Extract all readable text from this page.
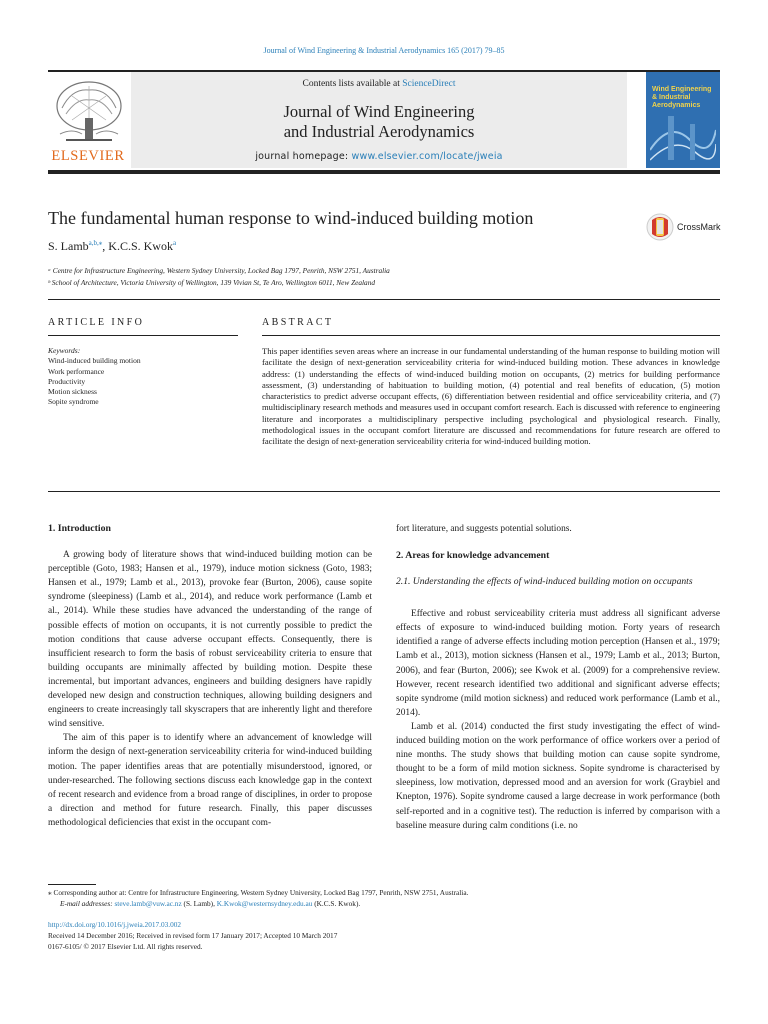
Journal of Wind Engineering & Industrial Aerodynamics 165 (2017) 79–85
ELSEVIER
Contents lists available at ScienceDirect
Journal of Wind Engineering
and Industrial Aerodynamics
journal homepage: www.elsevier.com/locate/jweia
Wind Engineering & Industrial Aerodynamics
The fundamental human response to wind-induced building motion
S. Lamb$^{a,b,⁎}$, K.C.S. Kwok$^a$
CrossMark
ᵃ Centre for Infrastructure Engineering, Western Sydney University, Locked Bag 1797, Penrith, NSW 2751, Australia
ᵇ School of Architecture, Victoria University of Wellington, 139 Vivian St, Te Aro, Wellington 6011, New Zealand
ARTICLE INFO	ABSTRACT
Keywords:
Wind-induced building motion
Work performance
Productivity
Motion sickness
Sopite syndrome
This paper identifies seven areas where an increase in our fundamental understanding of the human response to building motion will facilitate the design of next-generation serviceability criteria for wind-induced building motion. These advances in knowledge address: (1) understanding the effects of wind-induced building motion on occupants, (2) metrics for building performance assessment, (3) understanding of habituation to building motion, (4) potential and real benefits of education, (5) motion characteristics to predict adverse occupant effects, (6) differentiation between residential and office serviceability criteria, and (7) multidisciplinary research methods and measures used in occupant comfort research. Each is discussed with reference to engineering literature and incorporates a multidisciplinary perspective including psychological and physiological research. Finally, methodological issues in the occupant comfort literature are discussed and recommendations for future research are offered to facilitate the design of next-generation serviceability criteria for wind-induced building motion.
1. Introduction

A growing body of literature shows that wind-induced building motion can be perceptible (Goto, 1983; Hansen et al., 1979), induce motion sickness (Goto, 1983; Hansen et al., 1979; Lamb et al., 2013), provoke fear (Burton, 2006), cause sopite syndrome (sleepiness) (Lamb et al., 2014), and reduce work performance (Lamb et al., 2014). While these studies have advanced the understanding of the range of possible effects of motion on occupants, it is not currently possible to predict the motion conditions that cause adverse occupant effects. Consequently, there is insufficient research to form the basis of robust serviceability criteria to ensure that building occupants are minimally affected by building motion. Despite these incremental, but important advances, engineers and building designers have rapidly developed new design and construction techniques, allowing building designers and engineers to create increasingly tall skyscrapers that are inherently light and therefore wind sensitive.

The aim of this paper is to identify where an advancement of knowledge will inform the design of next-generation serviceability criteria for wind-induced building motion. The paper identifies areas that are potentially misunderstood, ignored, or under-researched. The following sections discuss each knowledge gap in the context of recent research and evidence from a broad range of disciplines, in order to propose a direction and method for future research. Finally, this paper discusses methodological deficiencies that exist in the occupant com-

fort literature, and suggests potential solutions.
2. Areas for knowledge advancement
2.1. Understanding the effects of wind-induced building motion on occupants

Effective and robust serviceability criteria must address all significant adverse effects of exposure to wind-induced building motion. Forty years of research identified a range of adverse effects including motion perception (Hansen et al., 1979; Lamb et al., 2013), motion sickness (Hansen et al., 1979; Lamb et al., 2013; Burton, 2006), and fear (Burton, 2006); see Kwok et al. (2009) for a comprehensive review. However, recent research identified two additional and significant adverse effects; sopite syndrome (mild motion sickness) and reduced work performance (Lamb et al., 2014).

Lamb et al. (2014) conducted the first study investigating the effect of wind-induced building motion on the work performance of office workers over a period of nine months. The study shows that building motion can cause sopite syndrome, thought to be a form of mild motion sickness. Sopite syndrome is characterised by sleepiness, low motivation, depressed mood and an aversion for work (Graybiel and Knepton, 1976). Sopite syndrome caused a large decrease in work performance (both self-reported and in a cognitive test). The reduction is inferred by comparison with a baseline measure during calm conditions (i.e. no

⁎ Corresponding author at: Centre for Infrastructure Engineering, Western Sydney University, Locked Bag 1797, Penrith, NSW 2751, Australia.
E-mail addresses: steve.lamb@vuw.ac.nz (S. Lamb), K.Kwok@westernsydney.edu.au (K.C.S. Kwok).
http://dx.doi.org/10.1016/j.jweia.2017.03.002
Received 14 December 2016; Received in revised form 17 January 2017; Accepted 10 March 2017
0167-6105/ © 2017 Elsevier Ltd. All rights reserved.
